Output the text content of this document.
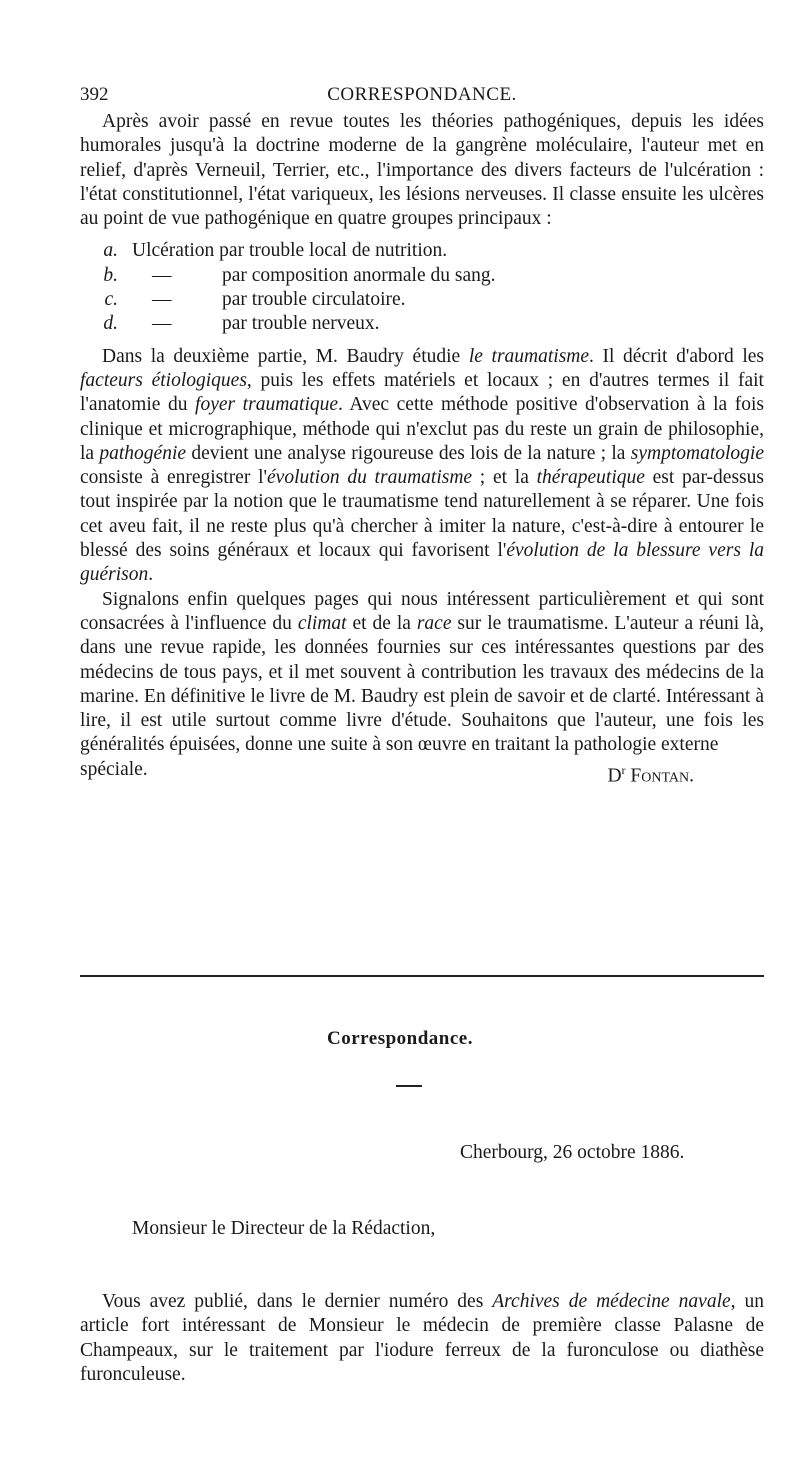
392	CORRESPONDANCE.

Après avoir passé en revue toutes les théories pathogéniques, depuis les idées humorales jusqu'à la doctrine moderne de la gangrène moléculaire, l'auteur met en relief, d'après Verneuil, Terrier, etc., l'importance des divers facteurs de l'ulcération : l'état constitutionnel, l'état variqueux, les lésions nerveuses. Il classe ensuite les ulcères au point de vue pathogénique en quatre groupes principaux :

a. Ulcération par trouble local de nutrition.
b.	—	par composition anormale du sang.
c.	—	par trouble circulatoire.
d.	—	par trouble nerveux.

Dans la deuxième partie, M. Baudry étudie le traumatisme. Il décrit d'abord les facteurs étiologiques, puis les effets matériels et locaux ; en d'autres termes il fait l'anatomie du foyer traumatique. Avec cette méthode positive d'observation à la fois clinique et micrographique, méthode qui n'exclut pas du reste un grain de philosophie, la pathogénie devient une analyse rigoureuse des lois de la nature ; la symptomatologie consiste à enregistrer l'évolution du traumatisme ; et la thérapeutique est par-dessus tout inspirée par la notion que le traumatisme tend naturellement à se réparer. Une fois cet aveu fait, il ne reste plus qu'à chercher à imiter la nature, c'est-à-dire à entourer le blessé des soins généraux et locaux qui favorisent l'évolution de la blessure vers la guérison.

Signalons enfin quelques pages qui nous intéressent particulièrement et qui sont consacrées à l'influence du climat et de la race sur le traumatisme. L'auteur a réuni là, dans une revue rapide, les données fournies sur ces intéressantes questions par des médecins de tous pays, et il met souvent à contribution les travaux des médecins de la marine. En définitive le livre de M. Baudry est plein de savoir et de clarté. Intéressant à lire, il est utile surtout comme livre d'étude. Souhaitons que l'auteur, une fois les généralités épuisées, donne une suite à son œuvre en traitant la pathologie externe

spéciale.	$D^r$ Fontan.
Correspondance.
Cherbourg, 26 octobre 1886.
Monsieur le Directeur de la Rédaction,

Vous avez publié, dans le dernier numéro des Archives de médecine navale, un article fort intéressant de Monsieur le médecin de première classe Palasne de Champeaux, sur le traitement par l'iodure ferreux de la furonculose ou diathèse furonculeuse.
